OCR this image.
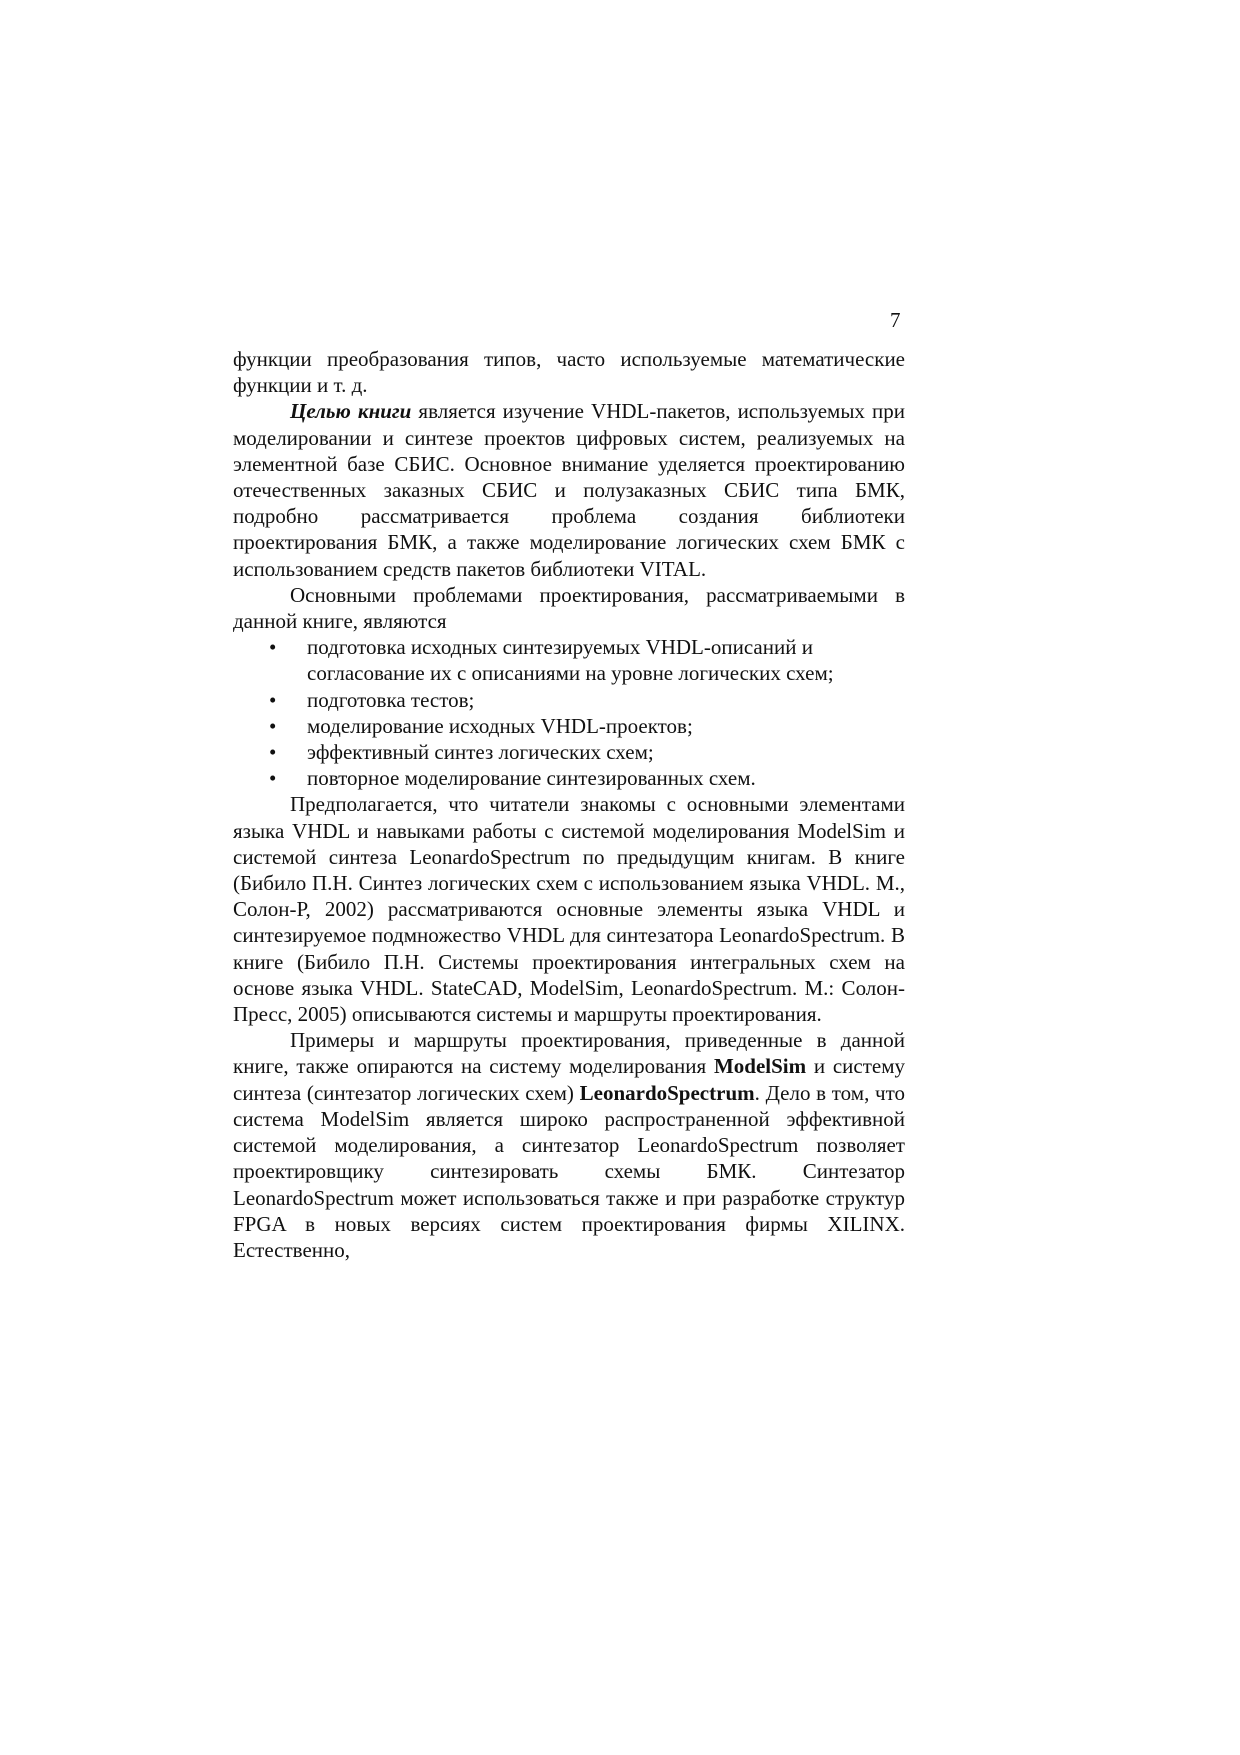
7

функции преобразования типов, часто используемые математические функции и т. д.

Целью книги является изучение VHDL-пакетов, используемых при моделировании и синтезе проектов цифровых систем, реализуемых на элементной базе СБИС. Основное внимание уделяется проектированию отечественных заказных СБИС и полузаказных СБИС типа БМК, подробно рассматривается проблема создания библиотеки проектирования БМК, а также моделирование логических схем БМК с использованием средств пакетов библиотеки VITAL.

Основными проблемами проектирования, рассматриваемыми в данной книге, являются

• подготовка исходных синтезируемых VHDL-описаний и согласование их с описаниями на уровне логических схем;
• подготовка тестов;
• моделирование исходных VHDL-проектов;
• эффективный синтез логических схем;
• повторное моделирование синтезированных схем.

Предполагается, что читатели знакомы с основными элементами языка VHDL и навыками работы с системой моделирования ModelSim и системой синтеза LeonardoSpectrum по предыдущим книгам. В книге (Бибило П.Н. Синтез логических схем с использованием языка VHDL. М., Солон-Р, 2002) рассматриваются основные элементы языка VHDL и синтезируемое подмножество VHDL для синтезатора LeonardoSpectrum. В книге (Бибило П.Н. Системы проектирования интегральных схем на основе языка VHDL. StateCAD, ModelSim, LeonardoSpectrum. М.: Солон-Пресс, 2005) описываются системы и маршруты проектирования.

Примеры и маршруты проектирования, приведенные в данной книге, также опираются на систему моделирования ModelSim и систему синтеза (синтезатор логических схем) LeonardoSpectrum. Дело в том, что система ModelSim является широко распространенной эффективной системой моделирования, а синтезатор LeonardoSpectrum позволяет проектировщику синтезировать схемы БМК. Синтезатор LeonardoSpectrum может использоваться также и при разработке структур FPGA в новых версиях систем проектирования фирмы XILINX. Естественно,
